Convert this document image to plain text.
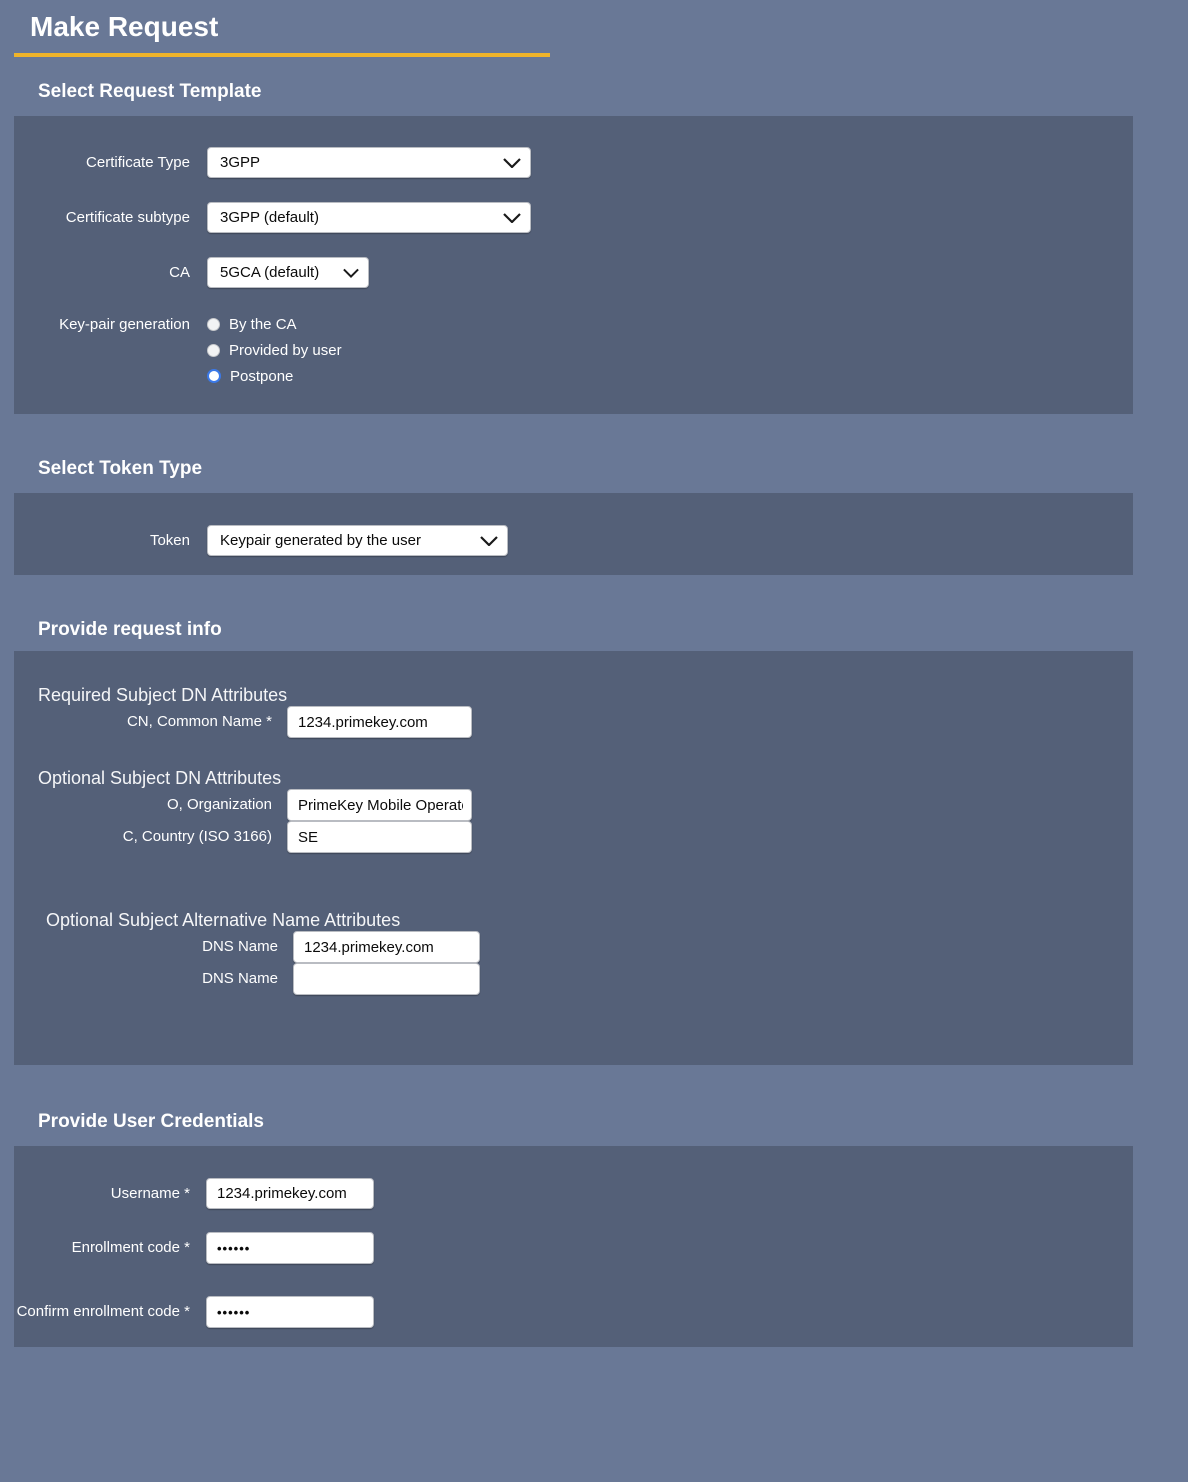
Make Request
Select Request Template
Certificate Type
3GPP
Certificate subtype
3GPP (default)
CA
5GCA (default)
Key-pair generation	By the CA
Provided by user
Postpone
Select Token Type
Token
Keypair generated by the user
Provide request info
Required Subject DN Attributes
CN, Common Name *
1234.primekey.com
Optional Subject DN Attributes
O, Organization
PrimeKey Mobile Operator
C, Country (ISO 3166)
SE
Optional Subject Alternative Name Attributes
DNS Name
1234.primekey.com
DNS Name
Provide User Credentials
Username *
1234.primekey.com
Enrollment code *
••••••
Confirm enrollment code *
••••••
